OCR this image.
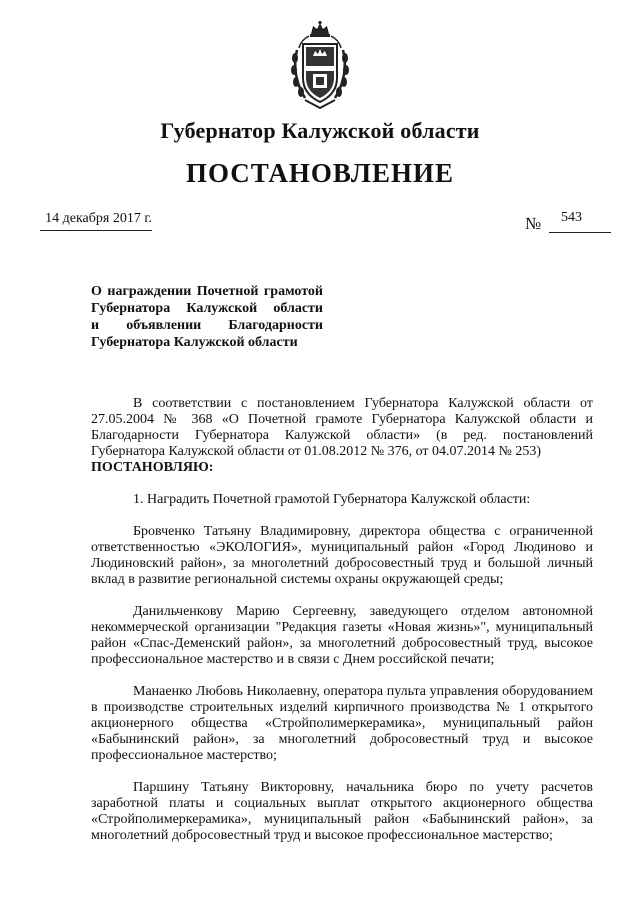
Губернатор Калужской области
ПОСТАНОВЛЕНИЕ
14 декабря 2017 г.	№ 543
О награждении Почетной грамотой
Губернатора Калужской области
и объявлении Благодарности
Губернатора Калужской области

В соответствии с постановлением Губернатора Калужской области от 27.05.2004 № 368 «О Почетной грамоте Губернатора Калужской области и Благодарности Губернатора Калужской области» (в ред. постановлений Губернатора Калужской области от 01.08.2012 № 376, от 04.07.2014 № 253)
ПОСТАНОВЛЯЮ:

1. Наградить Почетной грамотой Губернатора Калужской области:

Бровченко Татьяну Владимировну, директора общества с ограниченной ответственностью «ЭКОЛОГИЯ», муниципальный район «Город Людиново и Людиновский район», за многолетний добросовестный труд и большой личный вклад в развитие региональной системы охраны окружающей среды;

Данильченкову Марию Сергеевну, заведующего отделом автономной некоммерческой организации "Редакция газеты «Новая жизнь»", муниципальный район «Спас-Деменский район», за многолетний добросовестный труд, высокое профессиональное мастерство и в связи с Днем российской печати;

Манаенко Любовь Николаевну, оператора пульта управления оборудованием в производстве строительных изделий кирпичного производства № 1 открытого акционерного общества «Стройполимеркерамика», муниципальный район «Бабынинский район», за многолетний добросовестный труд и высокое профессиональное мастерство;

Паршину Татьяну Викторовну, начальника бюро по учету расчетов заработной платы и социальных выплат открытого акционерного общества «Стройполимеркерамика», муниципальный район «Бабынинский район», за многолетний добросовестный труд и высокое профессиональное мастерство;
